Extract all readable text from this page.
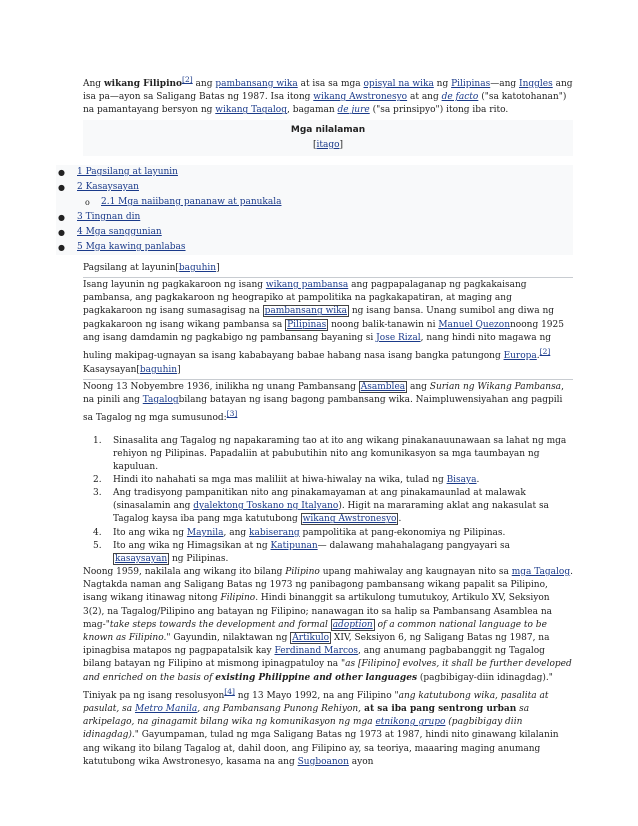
Ang wikang Filipino[2] ang pambansang wika at isa sa mga opisyal na wika ng Pilipinas—ang Inggles ang isa pa—ayon sa Saligang Batas ng 1987. Isa itong wikang Awstronesyo at ang de facto ("sa katotohanan") na pamantayang bersyon ng wikang Tagalog, bagaman de jure ("sa prinsipyo") itong iba rito.

Mga nilalaman
[itago]
● 1 Pagsilang at layunin
● 2 Kasaysayan
o 2.1 Mga naiibang pananaw at panukala
● 3 Tingnan din
● 4 Mga sanggunian
● 5 Mga kawing panlabas
Pagsilang at layunin[baguhin]

Isang layunin ng pagkakaroon ng isang wikang pambansa ang pagpapalaganap ng pagkakaisang pambansa, ang pagkakaroon ng heograpiko at pampolitika na pagkakapatiran, at maging ang pagkakaroon ng isang sumasagisag na pambansang wika ng isang bansa. Unang sumibol ang diwa ng pagkakaroon ng isang wikang pambansa sa Pilipinas noong balik-tanawin ni Manuel Quezonnoong 1925 ang isang damdamin ng pagkabigo ng pambansang bayaning si Jose Rizal, nang hindi nito magawa ng huling makipag-ugnayan sa isang kababayang babae habang nasa isang bangka patungong Europa.[2]

Kasaysayan[baguhin]

Noong 13 Nobyembre 1936, inilikha ng unang Pambansang Asamblea ang Surian ng Wikang Pambansa, na pinili ang Tagalogbilang batayan ng isang bagong pambansang wika. Naimpluwensiyahan ang pagpili sa Tagalog ng mga sumusunod:[3]

1. Sinasalita ang Tagalog ng napakaraming tao at ito ang wikang pinakanauunawaan sa lahat ng mga rehiyon ng Pilipinas. Papadaliin at pabubutihin nito ang komunikasyon sa mga taumbayan ng kapuluan.
2. Hindi ito nahahati sa mga mas maliliit at hiwa-hiwalay na wika, tulad ng Bisaya.
3. Ang tradisyong pampanitikan nito ang pinakamayaman at ang pinakamaunlad at malawak (sinasalamin ang dyalektong Toskano ng Italyano). Higit na mararaming aklat ang nakasulat sa Tagalog kaysa iba pang mga katutubong wikang Awstronesyo .
4. Ito ang wika ng Maynila, ang kabiserang pampolitika at pang-ekonomiya ng Pilipinas.
5. Ito ang wika ng Himagsikan at ng Katipunan— dalawang mahahalagang pangyayari sa kasaysayan ng Pilipinas.

Noong 1959, nakilala ang wikang ito bilang Pilipino upang mahiwalay ang kaugnayan nito sa mga Tagalog. Nagtakda naman ang Saligang Batas ng 1973 ng panibagong pambansang wikang papalit sa Pilipino, isang wikang itinawag nitong Filipino. Hindi binanggit sa artikulong tumutukoy, Artikulo XV, Seksiyon 3(2), na Tagalog/Pilipino ang batayan ng Filipino; nanawagan ito sa halip sa Pambansang Asamblea na mag-"take steps towards the development and formal adoption of a common national language to be known as Filipino." Gayundin, nilaktawan ng Artikulo XIV, Seksiyon 6, ng Saligang Batas ng 1987, na ipinagbisa matapos ng pagpapatalsik kay Ferdinand Marcos, ang anumang pagbabanggit ng Tagalog bilang batayan ng Filipino at mismong ipinagpatuloy na "as [Filipino] evolves, it shall be further developed and enriched on the basis of existing Philippine and other languages (pagbibigay-diin idinagdag)." Tiniyak pa ng isang resolusyon[4] ng 13 Mayo 1992, na ang Filipino "ang katutubong wika, pasalita at pasulat, sa Metro Manila, ang Pambansang Punong Rehiyon, at sa iba pang sentrong urban sa arkipelago, na ginagamit bilang wika ng komunikasyon ng mga etnikong grupo (pagbibigay diin idinagdag)." Gayumpaman, tulad ng mga Saligang Batas ng 1973 at 1987, hindi nito ginawang kilalanin ang wikang ito bilang Tagalog at, dahil doon, ang Filipino ay, sa teoriya, maaaring maging anumang katutubong wika Awstronesyo, kasama na ang Sugboanon ayon
